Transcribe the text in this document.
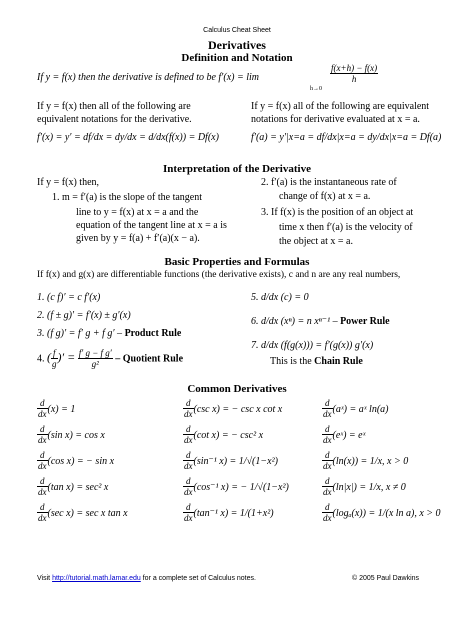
Calculus Cheat Sheet
Derivatives
Definition and Notation
If y = f(x) then the derivative is defined to be f′(x) = lim
h→0
$\frac{f(x+h) - f(x)}{h}$
If y = f(x) then all of the following are
equivalent notations for the derivative.
f′(x) = y′ = df/dx = dy/dx = d/dx(f(x)) = Df(x)
If y = f(x) all of the following are equivalent
notations for derivative evaluated at x = a.
f′(a) = y′|x=a = df/dx|x=a = dy/dx|x=a = Df(a)
Interpretation of the Derivative
If y = f(x) then,
1. m = f′(a) is the slope of the tangent
line to y = f(x) at x = a and the
equation of the tangent line at x = a is
given by y = f(a) + f′(a)(x − a).
2. f′(a) is the instantaneous rate of
change of f(x) at x = a.
3. If f(x) is the position of an object at
time x then f′(a) is the velocity of
the object at x = a.
Basic Properties and Formulas
If f(x) and g(x) are differentiable functions (the derivative exists), c and n are any real numbers,
1. (c f)′ = c f′(x)
2. (f ± g)′ = f′(x) ± g′(x)
3. (f g)′ = f′ g + f g′ – Product Rule
4. ( $\frac{f}{g}$ )′ = $\frac{\text{f′ g − f g′}}{\text{g²}}$ – Quotient Rule
5. d/dx (c) = 0
6. d/dx (xⁿ) = n xⁿ⁻¹ – Power Rule
7. d/dx (f(g(x))) = f′(g(x)) g′(x)
This is the Chain Rule
Common Derivatives
$\frac{d}{dx} (x) = 1$
$\frac{d}{dx} (\sin$ x) = cos x
$\frac{d}{dx} (\cos$ x) = − sin x
$\frac{d}{dx} (\tan$ x) = sec² x
$\frac{d}{dx} (\sec$ x) = sec x tan x
$\frac{d}{dx} (\csc$ x) = − csc x cot x
$\frac{d}{dx} (\cot$ x) = − csc² x
$\frac{d}{dx} (\sin^{-1}$ x) = 1/√(1−x²)
$\frac{d}{dx} (\cos^{-1}$ x) = − 1/√(1−x²)
$\frac{d}{dx} (\tan^{-1}$ x) = 1/(1+x²)
$\frac{d}{dx}$ (aˣ) = aˣ ln(a)
$\frac{d}{dx}$ (eˣ) = eˣ
$\frac{d}{dx} (\ln(x)) = 1/x$, x > 0
$\frac{d}{dx} (\ln|x|) = 1/x$, x ≠ 0
$\frac{d}{dx} (\log_a(x)) = 1/(x$ ln a), x > 0
Visit http://tutorial.math.lamar.edu for a complete set of Calculus notes.	© 2005 Paul Dawkins
